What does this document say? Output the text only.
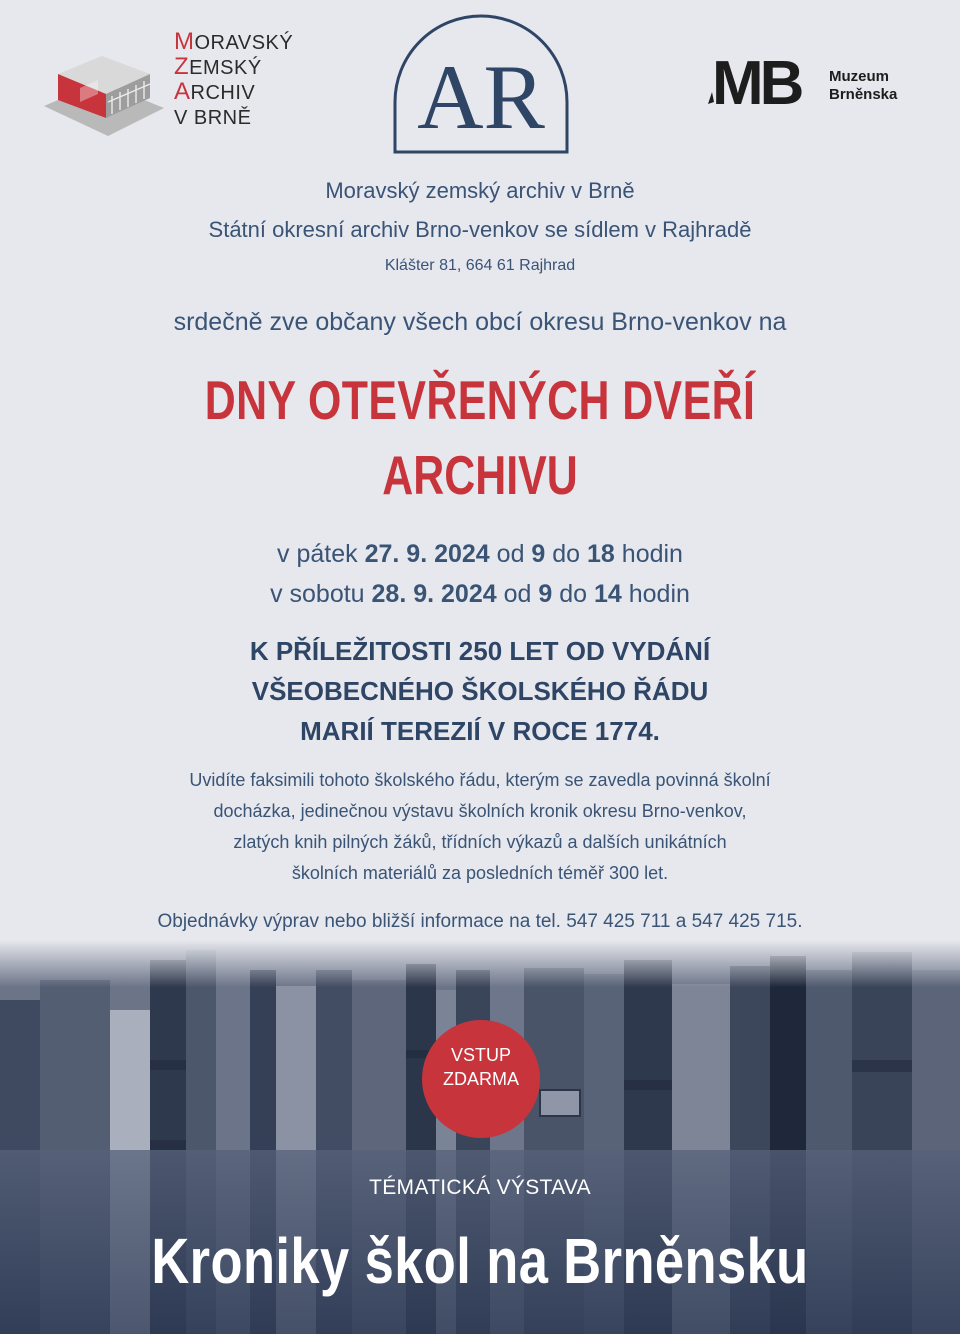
MORAVSKÝ
ZEMSKÝ
ARCHIV
V BRNĚ	AR	MB Muzeum
Brněnska
Moravský zemský archiv v Brně
Státní okresní archiv Brno-venkov se sídlem v Rajhradě
Klášter 81, 664 61 Rajhrad
srdečně zve občany všech obcí okresu Brno-venkov na
DNY OTEVŘENÝCH DVEŘÍ
ARCHIVU
v pátek 27. 9. 2024 od 9 do 18 hodin
v sobotu 28. 9. 2024 od 9 do 14 hodin
K PŘÍLEŽITOSTI 250 LET OD VYDÁNÍ
VŠEOBECNÉHO ŠKOLSKÉHO ŘÁDU
MARIÍ TEREZIÍ V ROCE 1774.
Uvidíte faksimili tohoto školského řádu, kterým se zavedla povinná školní
docházka, jedinečnou výstavu školních kronik okresu Brno-venkov,
zlatých knih pilných žáků, třídních výkazů a dalších unikátních
školních materiálů za posledních téměř 300 let.
Objednávky výprav nebo bližší informace na tel. 547 425 711 a 547 425 715.
VSTUP
ZDARMA
TÉMATICKÁ VÝSTAVA
Kroniky škol na Brněnsku
